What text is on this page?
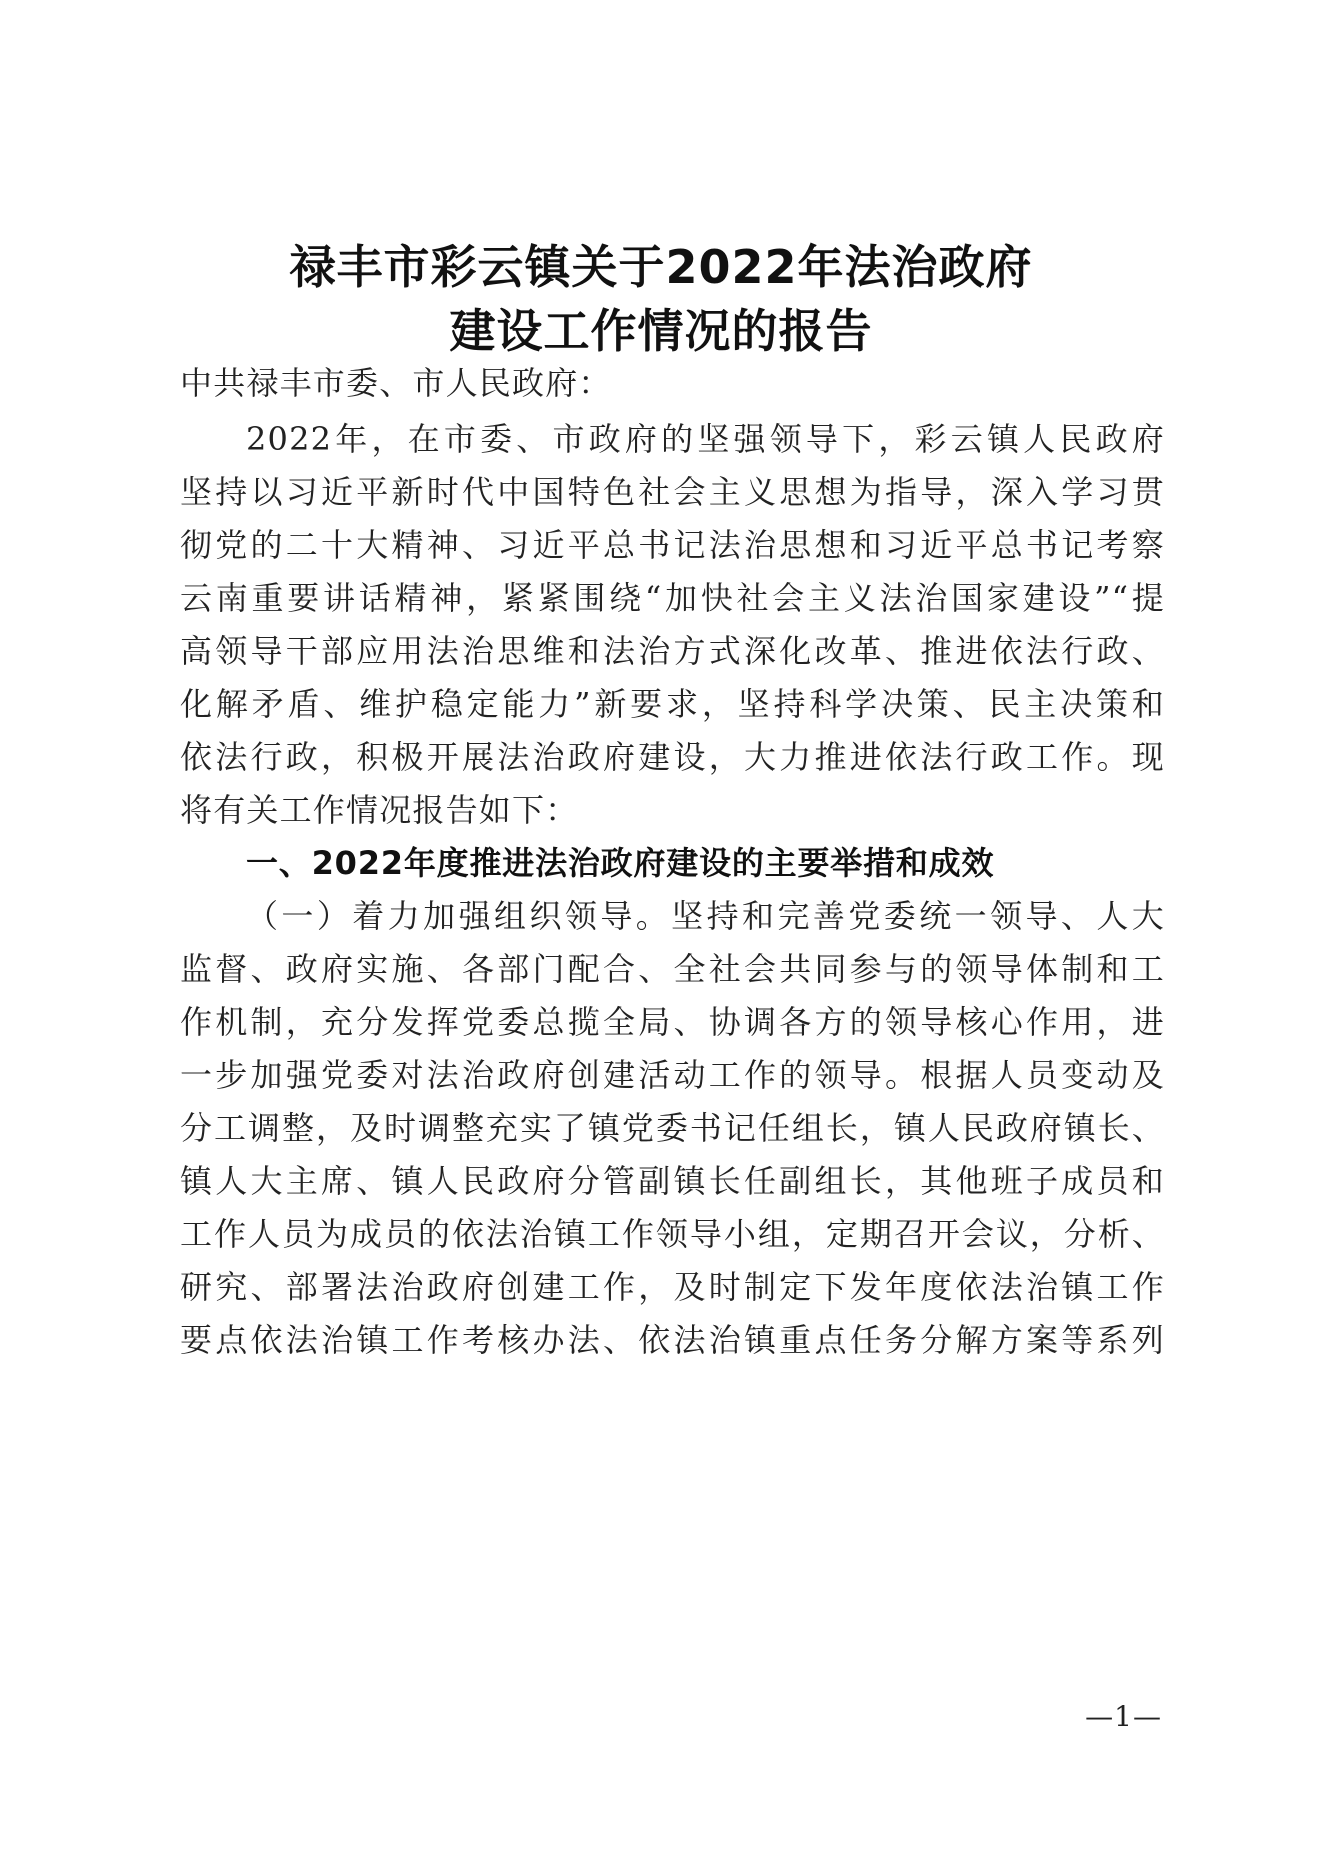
禄丰市彩云镇关于2022年法治政府
建设工作情况的报告
中共禄丰市委、市人民政府：
2022年，在市委、市政府的坚强领导下，彩云镇人民政府
坚持以习近平新时代中国特色社会主义思想为指导，深入学习贯
彻党的二十大精神、习近平总书记法治思想和习近平总书记考察
云南重要讲话精神，紧紧围绕“加快社会主义法治国家建设”“提
高领导干部应用法治思维和法治方式深化改革、推进依法行政、
化解矛盾、维护稳定能力”新要求，坚持科学决策、民主决策和
依法行政，积极开展法治政府建设，大力推进依法行政工作。现
将有关工作情况报告如下：
一、2022年度推进法治政府建设的主要举措和成效
（一）着力加强组织领导。坚持和完善党委统一领导、人大
监督、政府实施、各部门配合、全社会共同参与的领导体制和工
作机制，充分发挥党委总揽全局、协调各方的领导核心作用，进
一步加强党委对法治政府创建活动工作的领导。根据人员变动及
分工调整，及时调整充实了镇党委书记任组长，镇人民政府镇长、
镇人大主席、镇人民政府分管副镇长任副组长，其他班子成员和
工作人员为成员的依法治镇工作领导小组，定期召开会议，分析、
研究、部署法治政府创建工作，及时制定下发年度依法治镇工作
要点依法治镇工作考核办法、依法治镇重点任务分解方案等系列
—1—
